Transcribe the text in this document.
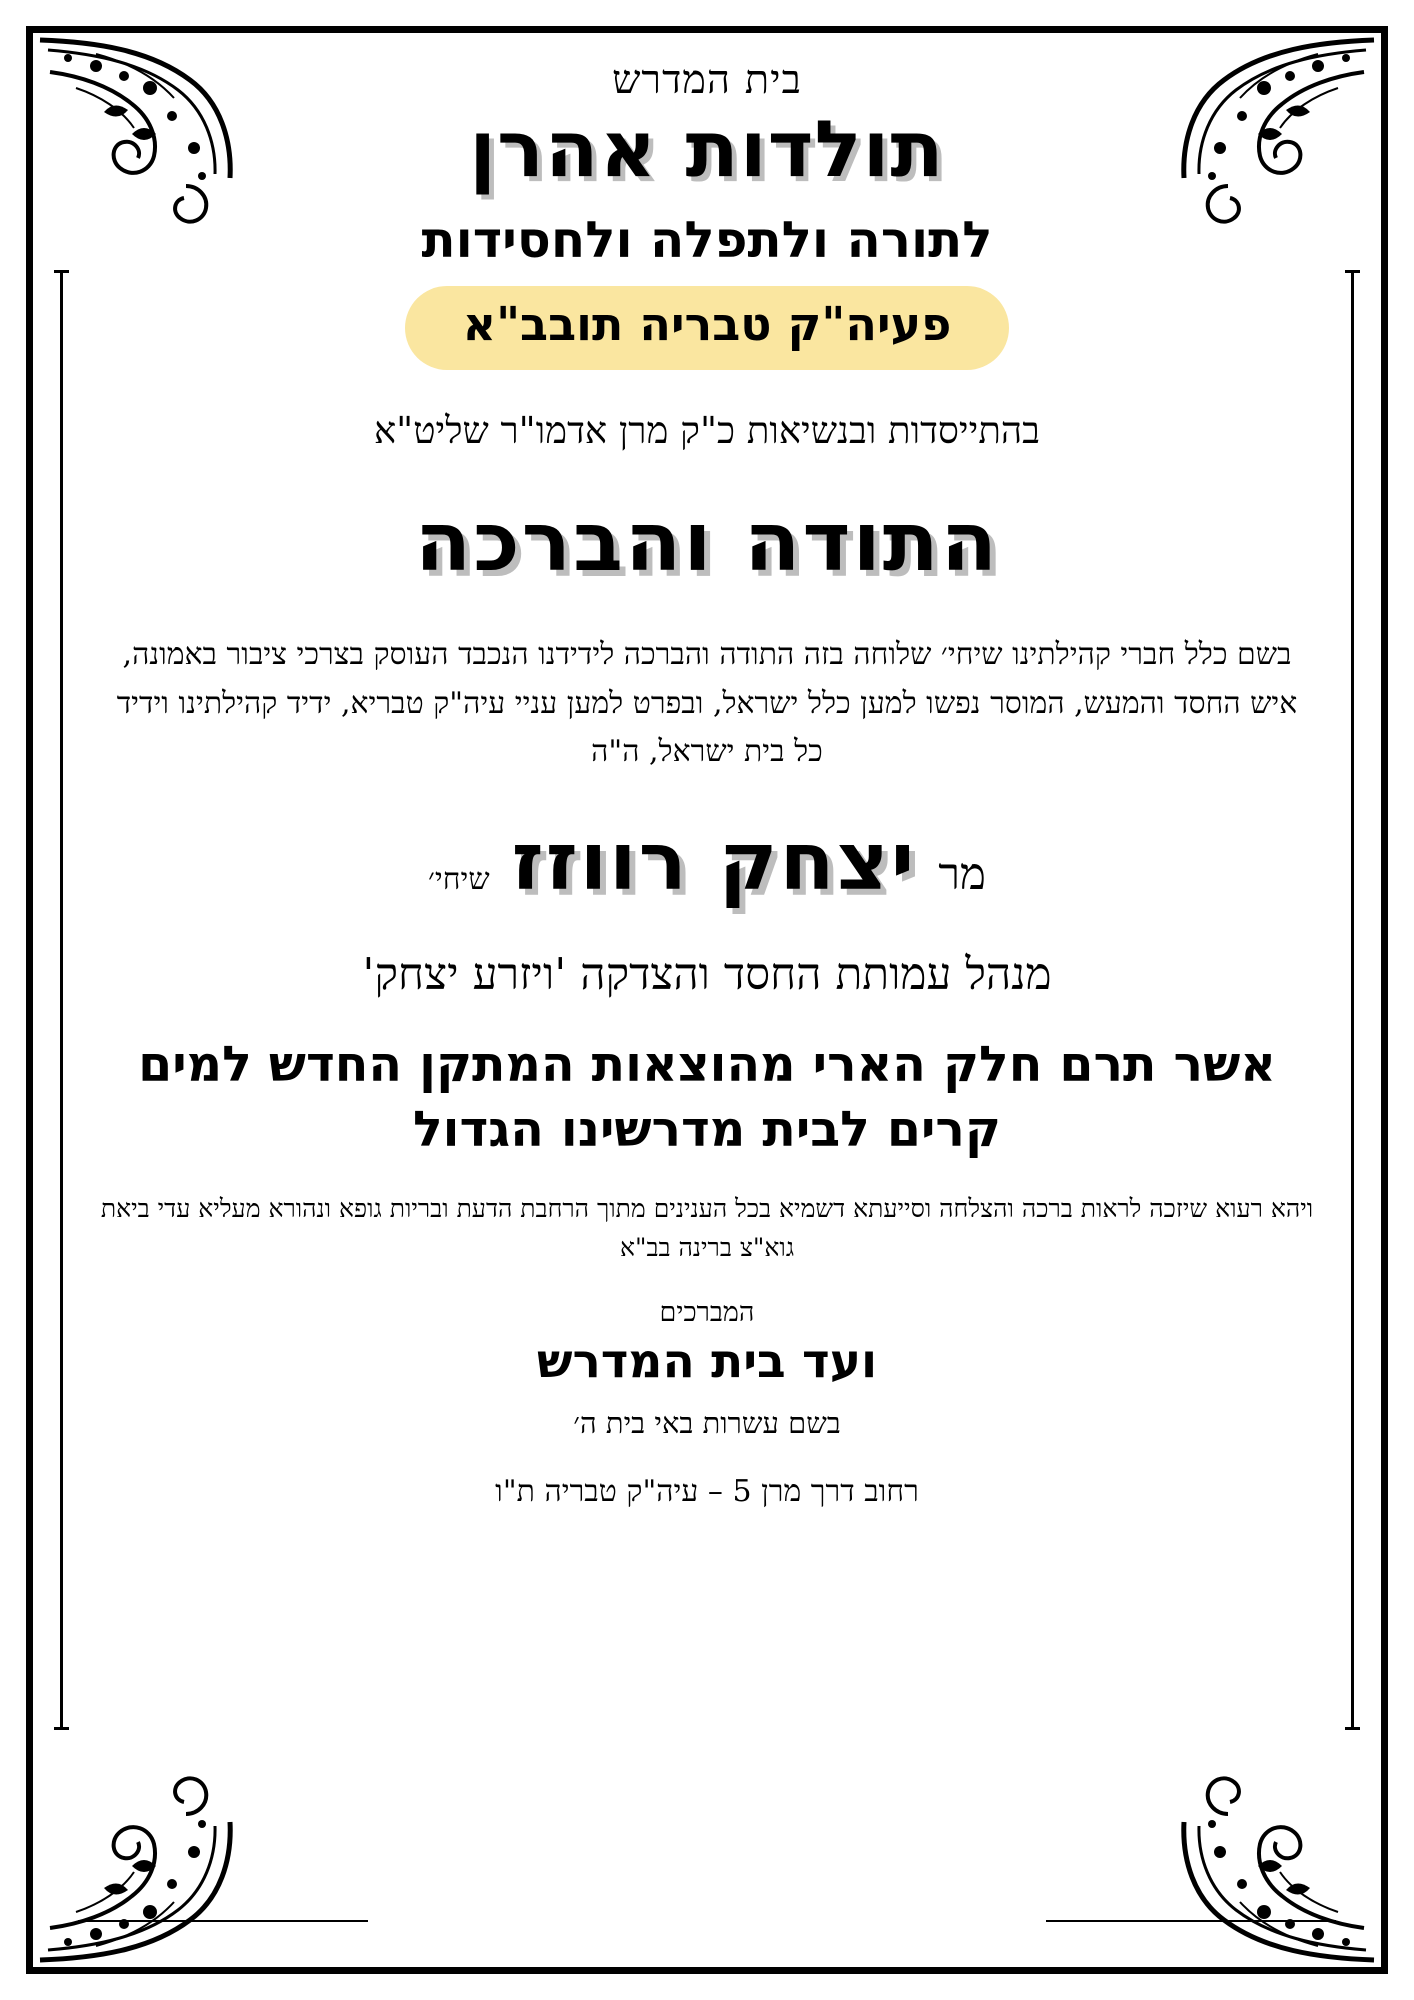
בית המדרש
תולדות אהרן
לתורה ולתפלה ולחסידות
פעיה"ק טבריה תובב"א
בהתייסדות ובנשיאות כ"ק מרן אדמו"ר שליט"א
התודה והברכה
בשם כלל חברי קהילתינו שיחי׳ שלוחה בזה התודה והברכה לידידנו הנכבד העוסק בצרכי ציבור באמונה, איש החסד והמעש, המוסר נפשו למען כלל ישראל, ובפרט למען עניי עיה"ק טבריא, ידיד קהילתינו וידיד כל בית ישראל, ה"ה
מר
יצחק רווזז
שיחי׳
מנהל עמותת החסד והצדקה 'ויזרע יצחק'
אשר תרם חלק הארי מהוצאות המתקן החדש למים קרים לבית מדרשינו הגדול
ויהא רעוא שיזכה לראות ברכה והצלחה וסייעתא דשמיא בכל הענינים מתוך הרחבת הדעת ובריות גופא ונהורא מעליא עדי ביאת גוא"צ ברינה בב"א
המברכים
ועד בית המדרש
בשם עשרות באי בית ה׳
רחוב דרך מרן 5 – עיה"ק טבריה ת"ו
